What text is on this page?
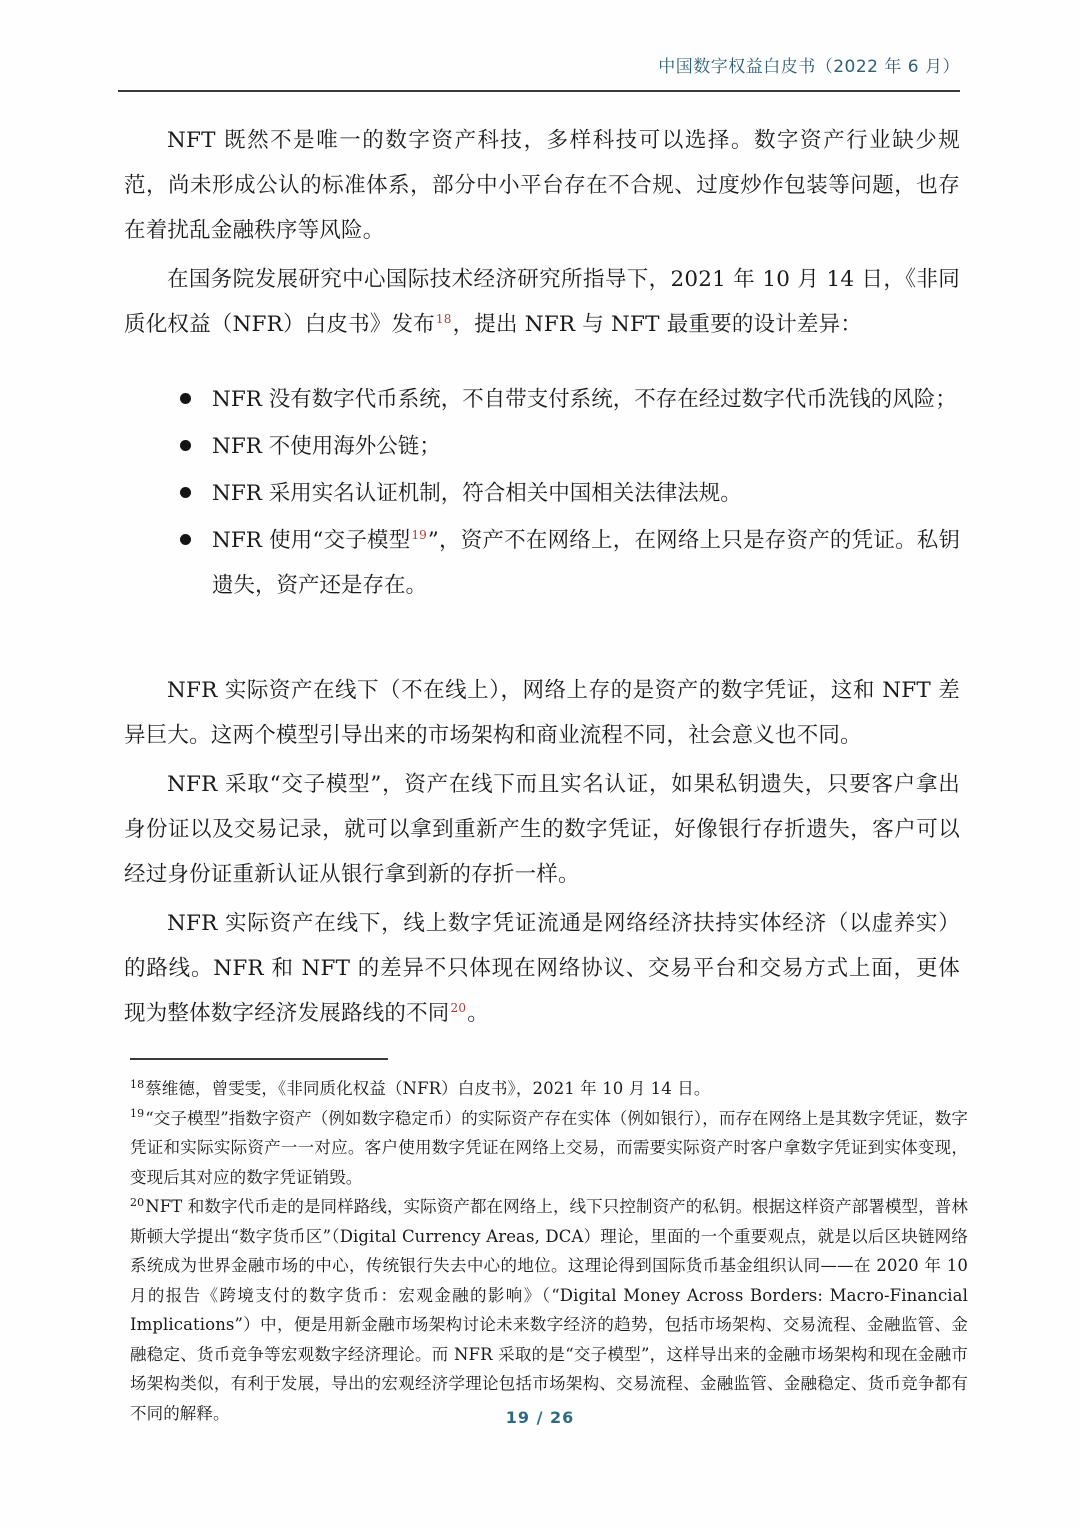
中国数字权益白皮书（2022 年 6 月）

NFT 既然不是唯一的数字资产科技，多样科技可以选择。数字资产行业缺少规范，尚未形成公认的标准体系，部分中小平台存在不合规、过度炒作包装等问题，也存在着扰乱金融秩序等风险。

在国务院发展研究中心国际技术经济研究所指导下，2021 年 10 月 14 日，《非同质化权益（NFR）白皮书》发布$^{18}$，提出 NFR 与 NFT 最重要的设计差异：

NFR 没有数字代币系统，不自带支付系统，不存在经过数字代币洗钱的风险；
NFR 不使用海外公链；
NFR 采用实名认证机制，符合相关中国相关法律法规。
NFR 使用“交子模型$^{19}$”，资产不在网络上，在网络上只是存资产的凭证。私钥遗失，资产还是存在。

NFR 实际资产在线下（不在线上），网络上存的是资产的数字凭证，这和 NFT 差异巨大。这两个模型引导出来的市场架构和商业流程不同，社会意义也不同。

NFR 采取“交子模型”，资产在线下而且实名认证，如果私钥遗失，只要客户拿出身份证以及交易记录，就可以拿到重新产生的数字凭证，好像银行存折遗失，客户可以经过身份证重新认证从银行拿到新的存折一样。

NFR 实际资产在线下，线上数字凭证流通是网络经济扶持实体经济（以虚养实）的路线。NFR 和 NFT 的差异不只体现在网络协议、交易平台和交易方式上面，更体现为整体数字经济发展路线的不同$^{20}$。

$^{18}$蔡维德，曾雯雯，《非同质化权益（NFR）白皮书》，2021 年 10 月 14 日。

$^{19}$“交子模型”指数字资产（例如数字稳定币）的实际资产存在实体（例如银行），而存在网络上是其数字凭证，数字凭证和实际实际资产一一对应。客户使用数字凭证在网络上交易，而需要实际资产时客户拿数字凭证到实体变现，变现后其对应的数字凭证销毁。

$^{20}$NFT 和数字代币走的是同样路线，实际资产都在网络上，线下只控制资产的私钥。根据这样资产部署模型，普林斯顿大学提出“数字货币区”（Digital Currency Areas, DCA）理论，里面的一个重要观点，就是以后区块链网络系统成为世界金融市场的中心，传统银行失去中心的地位。这理论得到国际货币基金组织认同——在 2020 年 10 月的报告《跨境支付的数字货币：宏观金融的影响》（“Digital Money Across Borders: Macro-Financial Implications”）中，便是用新金融市场架构讨论未来数字经济的趋势，包括市场架构、交易流程、金融监管、金融稳定、货币竞争等宏观数字经济理论。而 NFR 采取的是“交子模型”，这样导出来的金融市场架构和现在金融市场架构类似，有利于发展，导出的宏观经济学理论包括市场架构、交易流程、金融监管、金融稳定、货币竞争都有不同的解释。	19 / 26
